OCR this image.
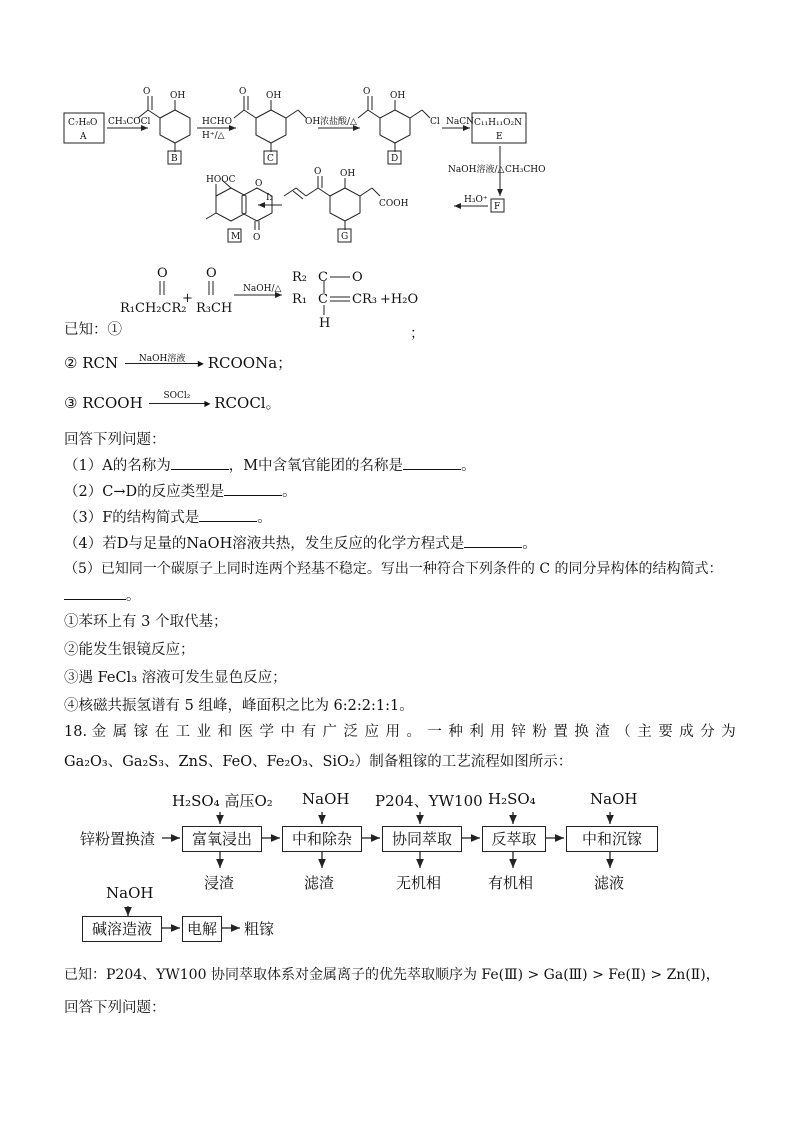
C₇H₈O
A
CH₃COCl
O OH
B
HCHO
H⁺/△
O OH
OH
C
浓盐酸/△
O OH
Cl
D
NaCN C₁₁H₁₁O₂N
E
NaOH溶液/△ CH₃CHO
H₃O⁺
F
O OH
COOH
G
I₂
HOOC O
O
M
O
R₁CH₂CR₂
+
O
R₃CH
NaOH/△
R₂ C O
R₁ C CR₃ +H₂O
H
已知：①	；
② RCN NaOH溶液 ▶ RCOONa；
③ RCOOH SOCl₂
▶ RCOCl。
回答下列问题：
（1）A的名称为	，M中含氧官能团的名称是	。
（2）C→D的反应类型是	。
（3）F的结构简式是	。
（4）若D与足量的NaOH溶液共热，发生反应的化学方程式是	。
（5）已知同一个碳原子上同时连两个羟基不稳定。写出一种符合下列条件的 C 的同分异构体的结构简式：
。
①苯环上有 3 个取代基；
②能发生银镜反应；
③遇 FeCl₃ 溶液可发生显色反应；
④核磁共振氢谱有 5 组峰，峰面积之比为 6:2:2:1:1。
18. 金 属 镓 在 工 业 和 医 学 中 有 广 泛 应 用 。 一 种 利 用 锌 粉 置 换 渣 （ 主 要 成 分 为
Ga₂O₃、Ga₂S₃、ZnS、FeO、Fe₂O₃、SiO₂）制备粗镓的工艺流程如图所示：
锌粉置换渣	富氧浸出	中和除杂	协同萃取	反萃取	中和沉镓
H₂SO₄ 高压O₂ NaOH P204、YW100 H₂SO₄	NaOH
浸渣	滤渣	无机相	有机相	滤液
NaOH
碱溶造液	电解	粗镓
已知：P204、YW100 协同萃取体系对金属离子的优先萃取顺序为 Fe(Ⅲ) > Ga(Ⅲ) > Fe(Ⅱ) > Zn(Ⅱ)，
回答下列问题：
